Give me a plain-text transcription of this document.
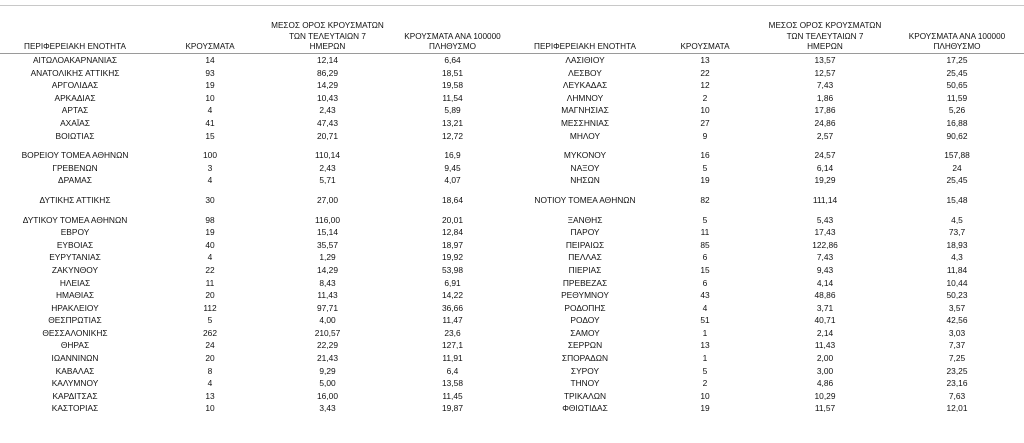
ΠΕΡΙΦΕΡΕΙΑΚΗ ΕΝΟΤΗΤΑ	ΚΡΟΥΣΜΑΤΑ	ΜΕΣΟΣ ΟΡΟΣ ΚΡΟΥΣΜΑΤΩΝ
ΤΩΝ ΤΕΛΕΥΤΑΙΩΝ 7
ΗΜΕΡΩΝ	ΚΡΟΥΣΜΑΤΑ ΑΝΑ 100000
ΠΛΗΘΥΣΜΟ

ΑΙΤΩΛΟΑΚΑΡΝΑΝΙΑΣ	14	12,14	6,64
ΑΝΑΤΟΛΙΚΗΣ ΑΤΤΙΚΗΣ	93	86,29	18,51
ΑΡΓΟΛΙΔΑΣ	19	14,29	19,58
ΑΡΚΑΔΙΑΣ	10	10,43	11,54
ΑΡΤΑΣ	4	2,43	5,89
ΑΧΑΪΑΣ	41	47,43	13,21
ΒΟΙΩΤΙΑΣ	15	20,71	12,72

ΒΟΡΕΙΟΥ ΤΟΜΕΑ ΑΘΗΝΩΝ	100	110,14	16,9
ΓΡΕΒΕΝΩΝ	3	2,43	9,45
ΔΡΑΜΑΣ	4	5,71	4,07

ΔΥΤΙΚΗΣ ΑΤΤΙΚΗΣ	30	27,00	18,64

ΔΥΤΙΚΟΥ ΤΟΜΕΑ ΑΘΗΝΩΝ	98	116,00	20,01
ΕΒΡΟΥ	19	15,14	12,84
ΕΥΒΟΙΑΣ	40	35,57	18,97
ΕΥΡΥΤΑΝΙΑΣ	4	1,29	19,92
ΖΑΚΥΝΘΟΥ	22	14,29	53,98
ΗΛΕΙΑΣ	11	8,43	6,91
ΗΜΑΘΙΑΣ	20	11,43	14,22
ΗΡΑΚΛΕΙΟΥ	112	97,71	36,66
ΘΕΣΠΡΩΤΙΑΣ	5	4,00	11,47
ΘΕΣΣΑΛΟΝΙΚΗΣ	262	210,57	23,6
ΘΗΡΑΣ	24	22,29	127,1
ΙΩΑΝΝΙΝΩΝ	20	21,43	11,91
ΚΑΒΑΛΑΣ	8	9,29	6,4
ΚΑΛΥΜΝΟΥ	4	5,00	13,58
ΚΑΡΔΙΤΣΑΣ	13	16,00	11,45
ΚΑΣΤΟΡΙΑΣ	10	3,43	19,87
ΠΕΡΙΦΕΡΕΙΑΚΗ ΕΝΟΤΗΤΑ	ΚΡΟΥΣΜΑΤΑ	ΜΕΣΟΣ ΟΡΟΣ ΚΡΟΥΣΜΑΤΩΝ
ΤΩΝ ΤΕΛΕΥΤΑΙΩΝ 7
ΗΜΕΡΩΝ	ΚΡΟΥΣΜΑΤΑ ΑΝΑ 100000
ΠΛΗΘΥΣΜΟ

ΛΑΣΙΘΙΟΥ	13	13,57	17,25
ΛΕΣΒΟΥ	22	12,57	25,45
ΛΕΥΚΑΔΑΣ	12	7,43	50,65
ΛΗΜΝΟΥ	2	1,86	11,59
ΜΑΓΝΗΣΙΑΣ	10	17,86	5,26
ΜΕΣΣΗΝΙΑΣ	27	24,86	16,88
ΜΗΛΟΥ	9	2,57	90,62

ΜΥΚΟΝΟΥ	16	24,57	157,88
ΝΑΞΟΥ	5	6,14	24
ΝΗΣΩΝ	19	19,29	25,45

ΝΟΤΙΟΥ ΤΟΜΕΑ ΑΘΗΝΩΝ	82	111,14	15,48

ΞΑΝΘΗΣ	5	5,43	4,5
ΠΑΡΟΥ	11	17,43	73,7
ΠΕΙΡΑΙΩΣ	85	122,86	18,93
ΠΕΛΛΑΣ	6	7,43	4,3
ΠΙΕΡΙΑΣ	15	9,43	11,84
ΠΡΕΒΕΖΑΣ	6	4,14	10,44
ΡΕΘΥΜΝΟΥ	43	48,86	50,23
ΡΟΔΟΠΗΣ	4	3,71	3,57
ΡΟΔΟΥ	51	40,71	42,56
ΣΑΜΟΥ	1	2,14	3,03
ΣΕΡΡΩΝ	13	11,43	7,37
ΣΠΟΡΑΔΩΝ	1	2,00	7,25
ΣΥΡΟΥ	5	3,00	23,25
ΤΗΝΟΥ	2	4,86	23,16
ΤΡΙΚΑΛΩΝ	10	10,29	7,63
ΦΘΙΩΤΙΔΑΣ	19	11,57	12,01
